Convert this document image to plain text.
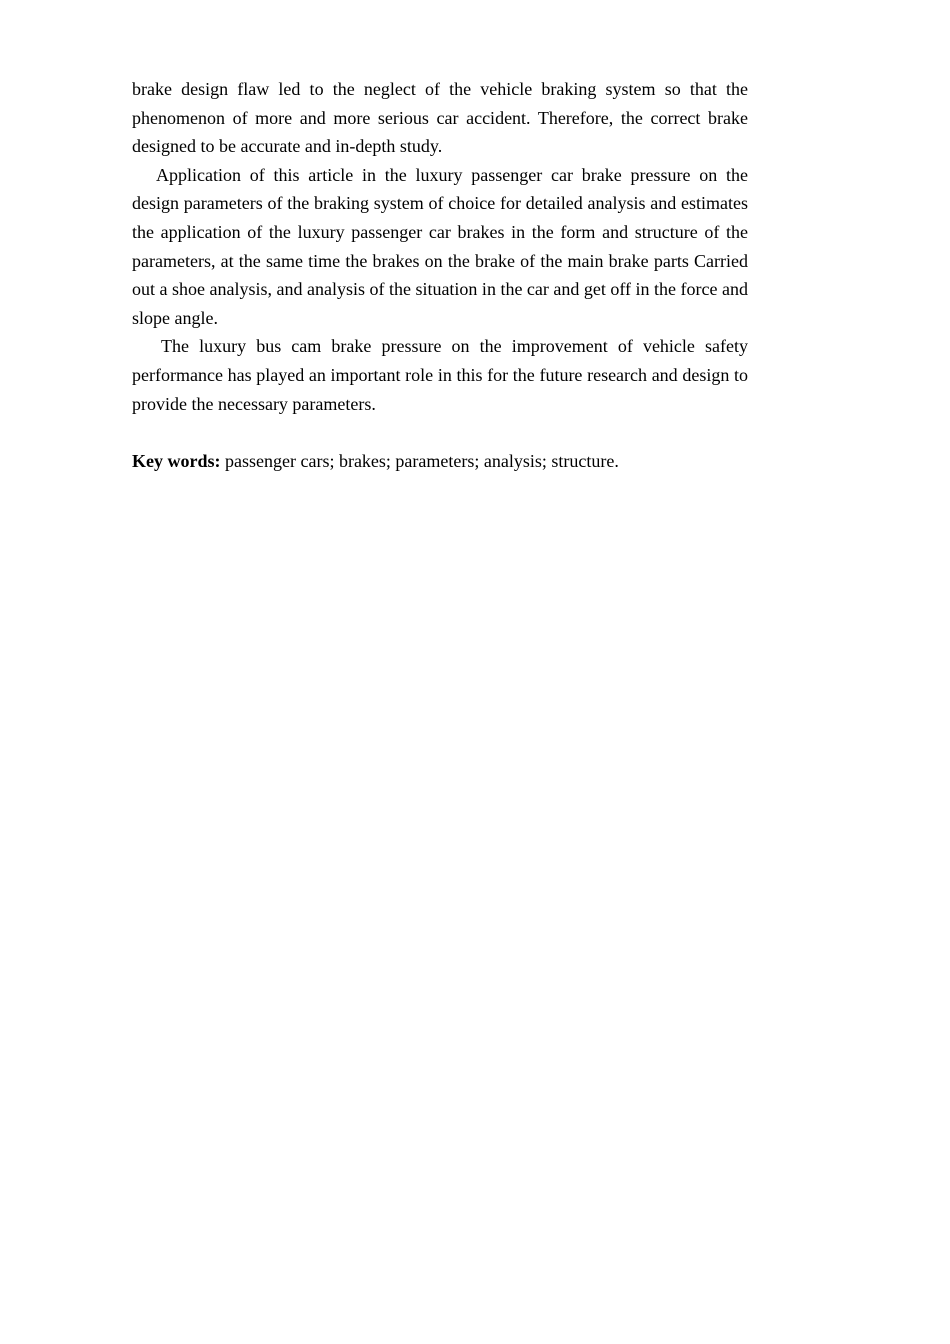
brake design flaw led to the neglect of the vehicle braking system so that the phenomenon of more and more serious car accident. Therefore, the correct brake designed to be accurate and in-depth study.

Application of this article in the luxury passenger car brake pressure on the design parameters of the braking system of choice for detailed analysis and estimates the application of the luxury passenger car brakes in the form and structure of the parameters, at the same time the brakes on the brake of the main brake parts Carried out a shoe analysis, and analysis of the situation in the car and get off in the force and slope angle.

The luxury bus cam brake pressure on the improvement of vehicle safety performance has played an important role in this for the future research and design to provide the necessary parameters.

Key words: passenger cars; brakes; parameters; analysis; structure.
